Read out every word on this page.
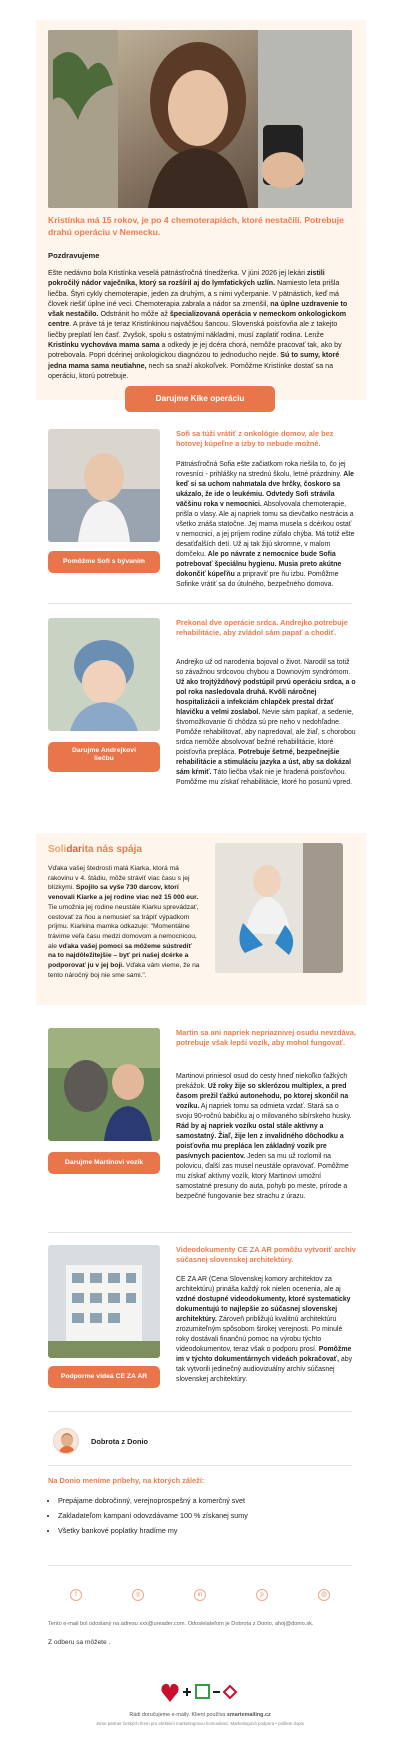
Kristínka má 15 rokov, je po 4 chemoterapiách, ktoré nestačili. Potrebuje drahú operáciu v Nemecku.
Pozdravujeme
Ešte nedávno bola Kristínka veselá pätnásťročná tínedžerka. V júni 2026 jej lekári zistili pokročilý nádor vaječníka, ktorý sa rozšíril aj do lymfatických uzlín. Namiesto leta prišla liečba. Štyri cykly chemoterapie, jeden za druhým, a s nimi vyčerpanie. V pätnástich, keď má človek riešiť úplne iné veci. Chemoterapia zabrala a nádor sa zmenšil, na úplne uzdravenie to však nestačilo. Odstránit ho môže až špecializovaná operácia v nemeckom onkologickom centre. A práve tá je teraz Kristínkinou najväčšou šancou. Slovenská poisťovňa ale z takejto liečby preplatí len časť. Zvyšok, spolu s ostatnými nákladmi, musí zaplatiť rodina. Lenže Kristínku vychováva mama sama a odkedy je jej dcéra chorá, nemôže pracovať tak, ako by potrebovala. Popri dcérinej onkologickou diagnózou to jednoducho nejde. Sú to sumy, ktoré jedna mama sama neutiahne, nech sa snaží akokoľvek. Pomôžme Kristínke dostať sa na operáciu, ktorú potrebuje.
Darujme Kike operáciu
Pomôžme Sofi s bývaním
Sofi sa túži vrátiť z onkológie domov, ale bez hotovej kúpeľne a izby to nebude možné.
Pätnásťročná Sofia ešte začiatkom roka riešila to, čo jej rovesníci - prihlášky na strednú školu, letné prázdniny. Ale keď si sa uchom nahmatala dve hrčky, čoskoro sa ukázalo, že ide o leukémiu. Odvtedy Sofi strávila väčšinu roka v nemocnici. Absolvovala chemoterapie, prišla o vlasy. Ale aj napriek tomu sa dievčatko nestrácia a všetko znáša statočne. Jej mama musela s dcérkou ostať v nemocnici, a jej príjem rodine zúfalo chýba. Má totiž ešte desaťďalších detí. Už aj tak žijú skromne, v malom domčeku. Ale po návrate z nemocnice bude Sofia potrebovať špeciálnu hygienu. Musia preto akútne dokončiť kúpeľňu a pripraviť pre ňu izbu. Pomôžme Sofinke vrátiť sa do útulného, bezpečného domova.
Darujme Andrejkovi
liečbu
Prekonal dve operácie srdca. Andrejko potrebuje rehabilitácie, aby zvládol sám papať a chodiť.
Andrejko už od narodenia bojoval o život. Narodil sa totiž so závažnou srdcovou chybou a Downovým syndrómom. Už ako trojtýždňový podstúpil prvú operáciu srdca, a o pol roka nasledovala druhá. Kvôli náročnej hospitalizácii a infekciám chlapček prestal držať hlavičku a velmi zoslabol. Nevie sám papkať, a sedenie, štvornožkovanie či chôdza sú pre neho v nedohľadne. Pomôže rehabilitovať, aby napredoval, ale žiaľ, s chorobou srdca nemôže absolvovať bežné rehabilitácie, ktoré poisťovňa preplácа. Potrebuje šetrné, bezpečnejšie rehabilitácie a stimuláciu jazyka a úst, aby sa dokázal sám kŕmiť. Táto liečba však nie je hradená poisťovňou. Pomôžme mu získať rehabilitácie, ktoré ho posunú vpred.
Solidarita nás spája
Vďaka vašej štedrosti malá Kiarka, ktorá má rakovinu v 4. štádiu, môže stráviť viac času s jej blízkymi. Spojilo sa vyše 730 darcov, ktorí venovali Kiarke a jej rodine viac než 15 000 eur. Tie umožnia jej rodine neustále Kiarku sprevádzať, cestovať za ňou a nemusieť sa trápiť výpadkom príjmu. Kiarkina mamka odkazuje: "Momentálne trávime veľa času medzi domovom a nemocnicou, ale vďaka vašej pomoci sa môžeme sústrediť na to najdôležitejšie – byť pri našej dcérke a podporovať ju v jej boji. Vďaka vám vieme, že na tento náročný boj nie sme sami.".
Darujme Martinovi vozík
Martin sa ani napriek nepriaznivej osudu nevzdáva, potrebuje však lepší vozík, aby mohol fungovať.
Martinovi priniesol osud do cesty hneď niekoľko ťažkých prekážok. Už roky žije so sklerózou multiplex, a pred časom prežil ťažkú autonehodu, po ktorej skončil na vozíku. Aj napriek tomu sa odmieta vzdať. Stará sa o svoju 90-ročnú babičku aj o milovaného sibírskeho husky. Rád by aj napriek vozíku ostal stále aktívny a samostatný. Žiaľ, žije len z invalidného dôchodku a poisťovňa mu prepláca len základný vozík pre pasívnych pacientov. Jeden sa mu už rozlomil na polovicu, ďalší zas musel neustále opravovať. Pomôžme mu získať aktívny vozík, ktorý Martinovi umožní samostatné presuny do auta, pohyb po meste, prírode a bezpečné fungovanie bez strachu z úrazu.
Podporme videá CE ZA AR
Videodokumenty CE ZA AR pomôžu vytvoriť archív súčasnej slovenskej architektúry.
CE ZA AR (Cena Slovenskej komory architektov za architektúru) prináša každý rok nielen ocenenia, ale aj vzdné dostupné videodokumenty, ktoré systematicky dokumentujú to najlepšie zo súčasnej slovenskej architektúry. Zároveň približujú kvalitnú architektúru zrozumiteľným spôsobom širokej verejnosti. Po minulé roky dostávali finančnú pomoc na výrobu týchto videodokumentov, teraz však o podporu prosí. Pomôžme im v týchto dokumentárnych videách pokračovať, aby tak vytvorili jedinečný audiovizuálny archív súčasnej slovenskej architektúry.
Dobrota z Donio
Na Donio meníme príbehy, na ktorých záleží:
• Prepájame dobročinný, verejnoprospešný a komerčný svet
• Zakladateľom kampaní odovzdávame 100 % získanej sumy
• Všetky bankové poplatky hradíme my
f	◎	in	p	@
Tento e-mail bol odoslaný na adresu xxx@ureader.com. Odosielateľom je Dobrota z Donio, ahoj@donio.sk.
Z odberu sa môžete .
Rádi doručujeme e-maily. Klient používa smartemailing.cz
Jsme partner českých firem pro efektivní marketingovou komunikaci. Marketingová podpora • pošlete dopis
